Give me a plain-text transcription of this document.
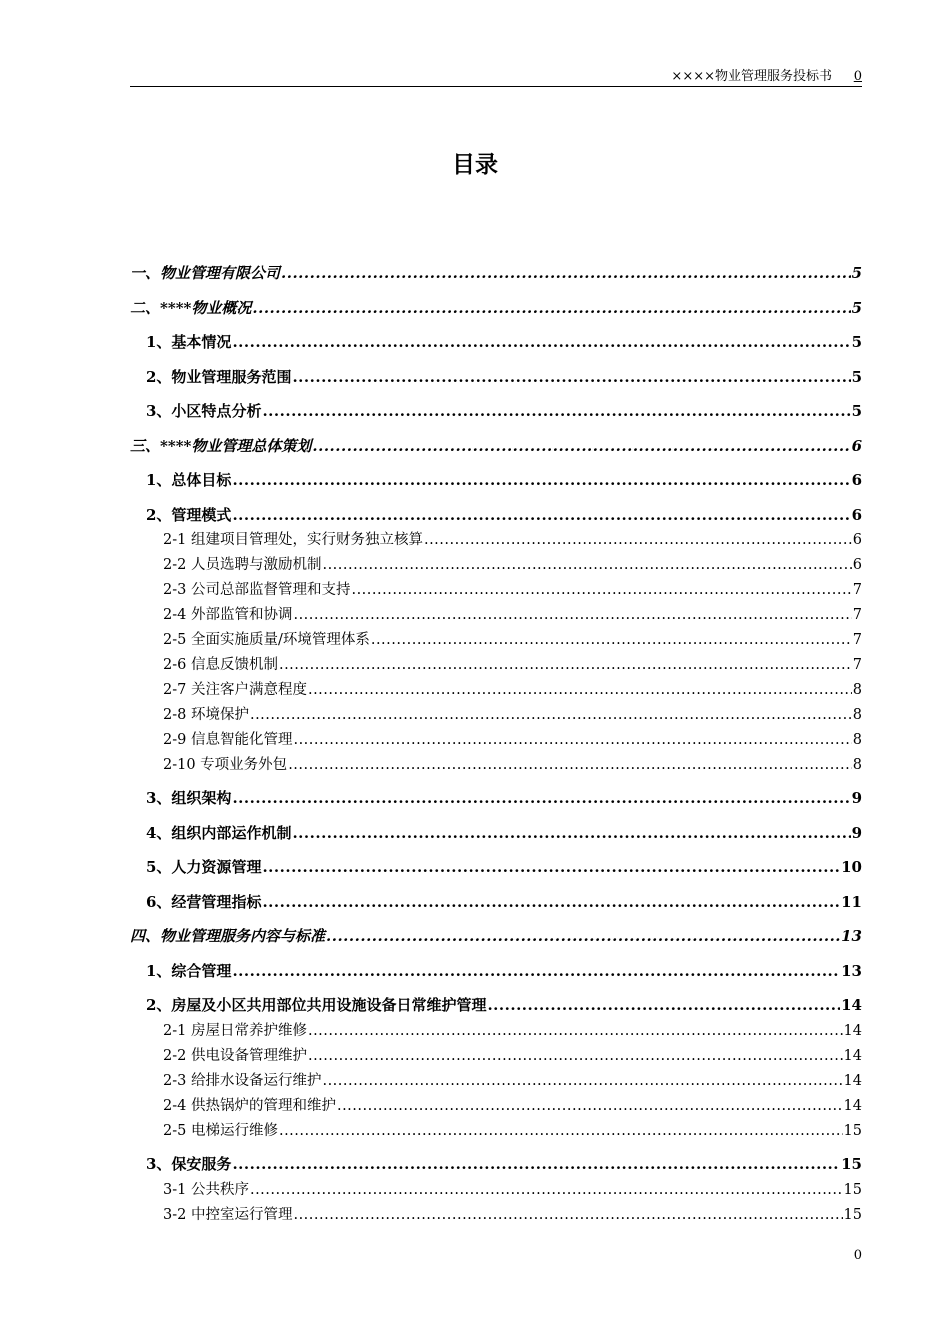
××××物业管理服务投标书 0
目录
一、物业管理有限公司 .....	5
二、****物业概况 .....	5
1、基本情况 .....	5
2、物业管理服务范围 .....	5
3、小区特点分析 .....	5
三、****物业管理总体策划 .....	6
1、总体目标 .....	6
2、管理模式 .....	6
2-1 组建项目管理处，实行财务独立核算 .....	6
2-2 人员选聘与激励机制 .....	6
2-3 公司总部监督管理和支持 .....	7
2-4 外部监管和协调 .....	7
2-5 全面实施质量/环境管理体系 .....	7
2-6 信息反馈机制 .....	7
2-7 关注客户满意程度 .....	8
2-8 环境保护 .....	8
2-9 信息智能化管理 .....	8
2-10 专项业务外包 .....	8
3、组织架构 .....	9
4、组织内部运作机制 .....	9
5、人力资源管理 .....	10
6、经营管理指标 .....	11
四、物业管理服务内容与标准 .....	13
1、综合管理 .....	13
2、房屋及小区共用部位共用设施设备日常维护管理 .....	14
2-1 房屋日常养护维修 .....	14
2-2 供电设备管理维护 .....	14
2-3 给排水设备运行维护 .....	14
2-4 供热锅炉的管理和维护 .....	14
2-5 电梯运行维修 .....	15
3、保安服务 .....	15
3-1 公共秩序 .....	15
3-2 中控室运行管理 .....	15
0
